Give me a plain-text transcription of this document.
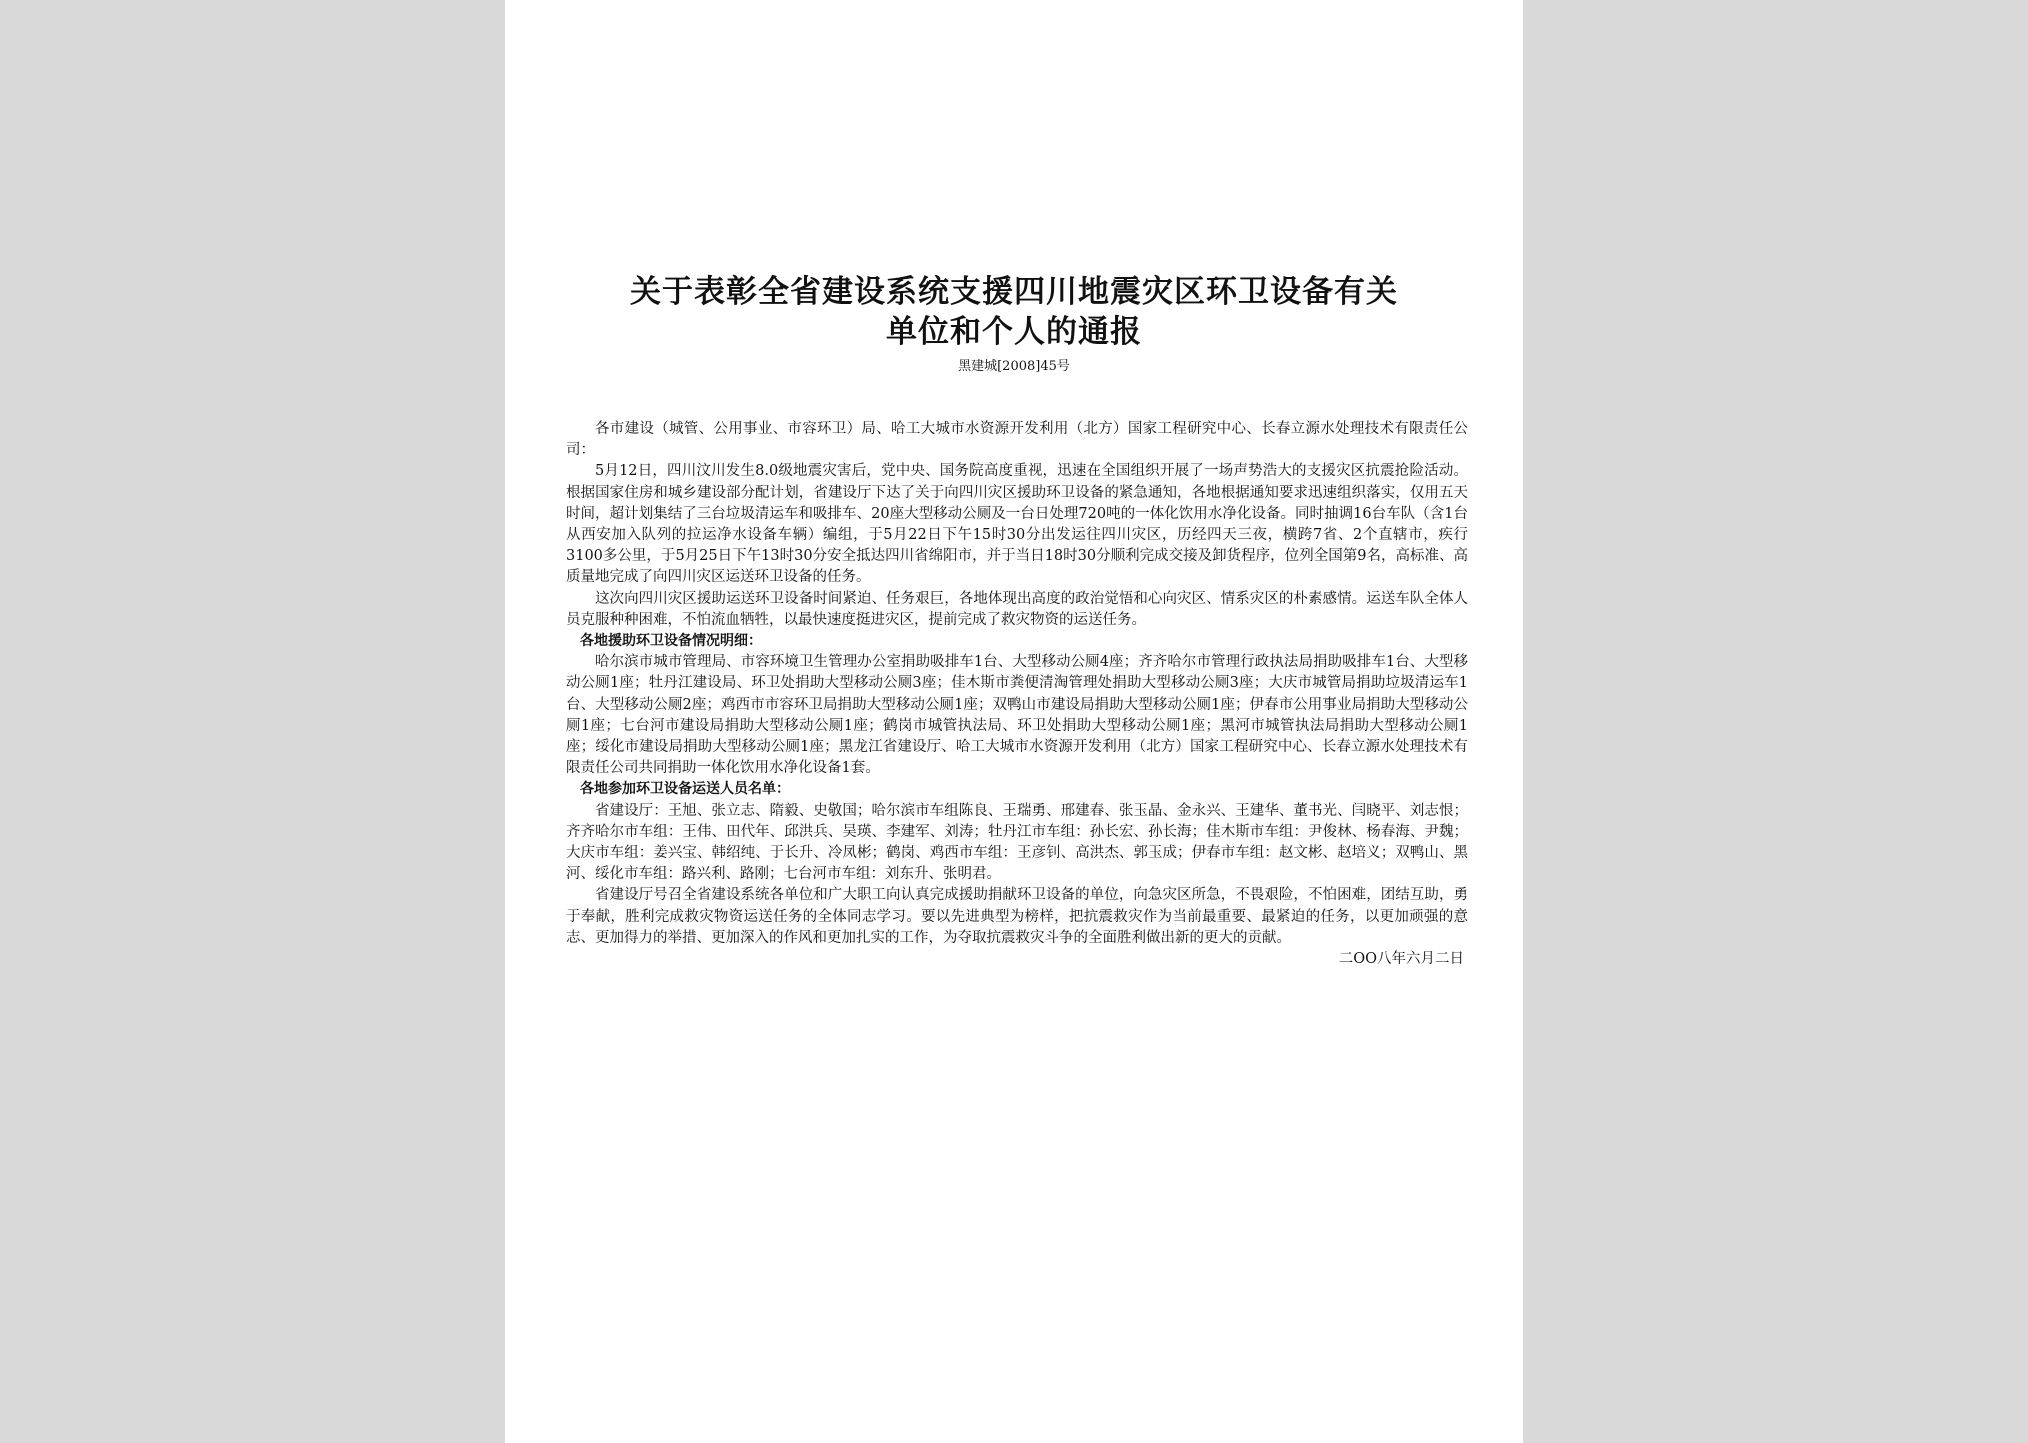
关于表彰全省建设系统支援四川地震灾区环卫设备有关
单位和个人的通报
黑建城[2008]45号

各市建设（城管、公用事业、市容环卫）局、哈工大城市水资源开发利用（北方）国家工程研究中心、长春立源水处理技术有限责任公司：

5月12日，四川汶川发生8.0级地震灾害后，党中央、国务院高度重视，迅速在全国组织开展了一场声势浩大的支援灾区抗震抢险活动。根据国家住房和城乡建设部分配计划，省建设厅下达了关于向四川灾区援助环卫设备的紧急通知，各地根据通知要求迅速组织落实，仅用五天时间，超计划集结了三台垃圾清运车和吸排车、20座大型移动公厕及一台日处理720吨的一体化饮用水净化设备。同时抽调16台车队（含1台从西安加入队列的拉运净水设备车辆）编组，于5月22日下午15时30分出发运往四川灾区，历经四天三夜，横跨7省、2个直辖市，疾行3100多公里，于5月25日下午13时30分安全抵达四川省绵阳市，并于当日18时30分顺利完成交接及卸货程序，位列全国第9名，高标准、高质量地完成了向四川灾区运送环卫设备的任务。

这次向四川灾区援助运送环卫设备时间紧迫、任务艰巨，各地体现出高度的政治觉悟和心向灾区、情系灾区的朴素感情。运送车队全体人员克服种种困难，不怕流血牺牲，以最快速度挺进灾区，提前完成了救灾物资的运送任务。

各地援助环卫设备情况明细：

哈尔滨市城市管理局、市容环境卫生管理办公室捐助吸排车1台、大型移动公厕4座；齐齐哈尔市管理行政执法局捐助吸排车1台、大型移动公厕1座；牡丹江建设局、环卫处捐助大型移动公厕3座；佳木斯市粪便清淘管理处捐助大型移动公厕3座；大庆市城管局捐助垃圾清运车1台、大型移动公厕2座；鸡西市市容环卫局捐助大型移动公厕1座；双鸭山市建设局捐助大型移动公厕1座；伊春市公用事业局捐助大型移动公厕1座；七台河市建设局捐助大型移动公厕1座；鹤岗市城管执法局、环卫处捐助大型移动公厕1座；黑河市城管执法局捐助大型移动公厕1座；绥化市建设局捐助大型移动公厕1座；黑龙江省建设厅、哈工大城市水资源开发利用（北方）国家工程研究中心、长春立源水处理技术有限责任公司共同捐助一体化饮用水净化设备1套。

各地参加环卫设备运送人员名单：

省建设厅：王旭、张立志、隋毅、史敬国；哈尔滨市车组陈良、王瑞勇、邢建春、张玉晶、金永兴、王建华、董书光、闫晓平、刘志恨；齐齐哈尔市车组：王伟、田代年、邱洪兵、吴瑛、李建军、刘涛；牡丹江市车组：孙长宏、孙长海；佳木斯市车组：尹俊林、杨春海、尹魏；大庆市车组：姜兴宝、韩绍纯、于长升、冷凤彬；鹤岗、鸡西市车组：王彦钊、高洪杰、郭玉成；伊春市车组：赵文彬、赵培义；双鸭山、黑河、绥化市车组：路兴利、路刚；七台河市车组：刘东升、张明君。

省建设厅号召全省建设系统各单位和广大职工向认真完成援助捐献环卫设备的单位，向急灾区所急，不畏艰险，不怕困难，团结互助，勇于奉献，胜利完成救灾物资运送任务的全体同志学习。要以先进典型为榜样，把抗震救灾作为当前最重要、最紧迫的任务，以更加顽强的意志、更加得力的举措、更加深入的作风和更加扎实的工作，为夺取抗震救灾斗争的全面胜利做出新的更大的贡献。

二OO八年六月二日
